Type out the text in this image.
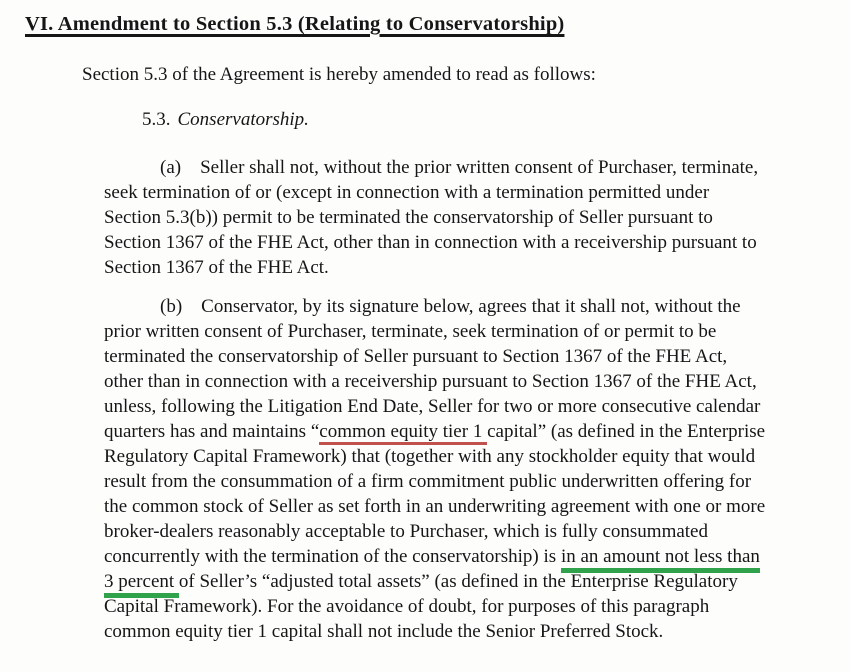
VI. Amendment to Section 5.3 (Relating to Conservatorship)

Section 5.3 of the Agreement is hereby amended to read as follows:

5.3. Conservatorship.

(a)    Seller shall not, without the prior written consent of Purchaser, terminate,
seek termination of or (except in connection with a termination permitted under
Section 5.3(b)) permit to be terminated the conservatorship of Seller pursuant to
Section 1367 of the FHE Act, other than in connection with a receivership pursuant to
Section 1367 of the FHE Act.
(b)    Conservator, by its signature below, agrees that it shall not, without the
prior written consent of Purchaser, terminate, seek termination of or permit to be
terminated the conservatorship of Seller pursuant to Section 1367 of the FHE Act,
other than in connection with a receivership pursuant to Section 1367 of the FHE Act,
unless, following the Litigation End Date, Seller for two or more consecutive calendar
quarters has and maintains “common equity tier 1 capital” (as defined in the Enterprise
Regulatory Capital Framework) that (together with any stockholder equity that would
result from the consummation of a firm commitment public underwritten offering for
the common stock of Seller as set forth in an underwriting agreement with one or more
broker-dealers reasonably acceptable to Purchaser, which is fully consummated
concurrently with the termination of the conservatorship) is in an amount not less than
3 percent of Seller’s “adjusted total assets” (as defined in the Enterprise Regulatory
Capital Framework). For the avoidance of doubt, for purposes of this paragraph
common equity tier 1 capital shall not include the Senior Preferred Stock.
